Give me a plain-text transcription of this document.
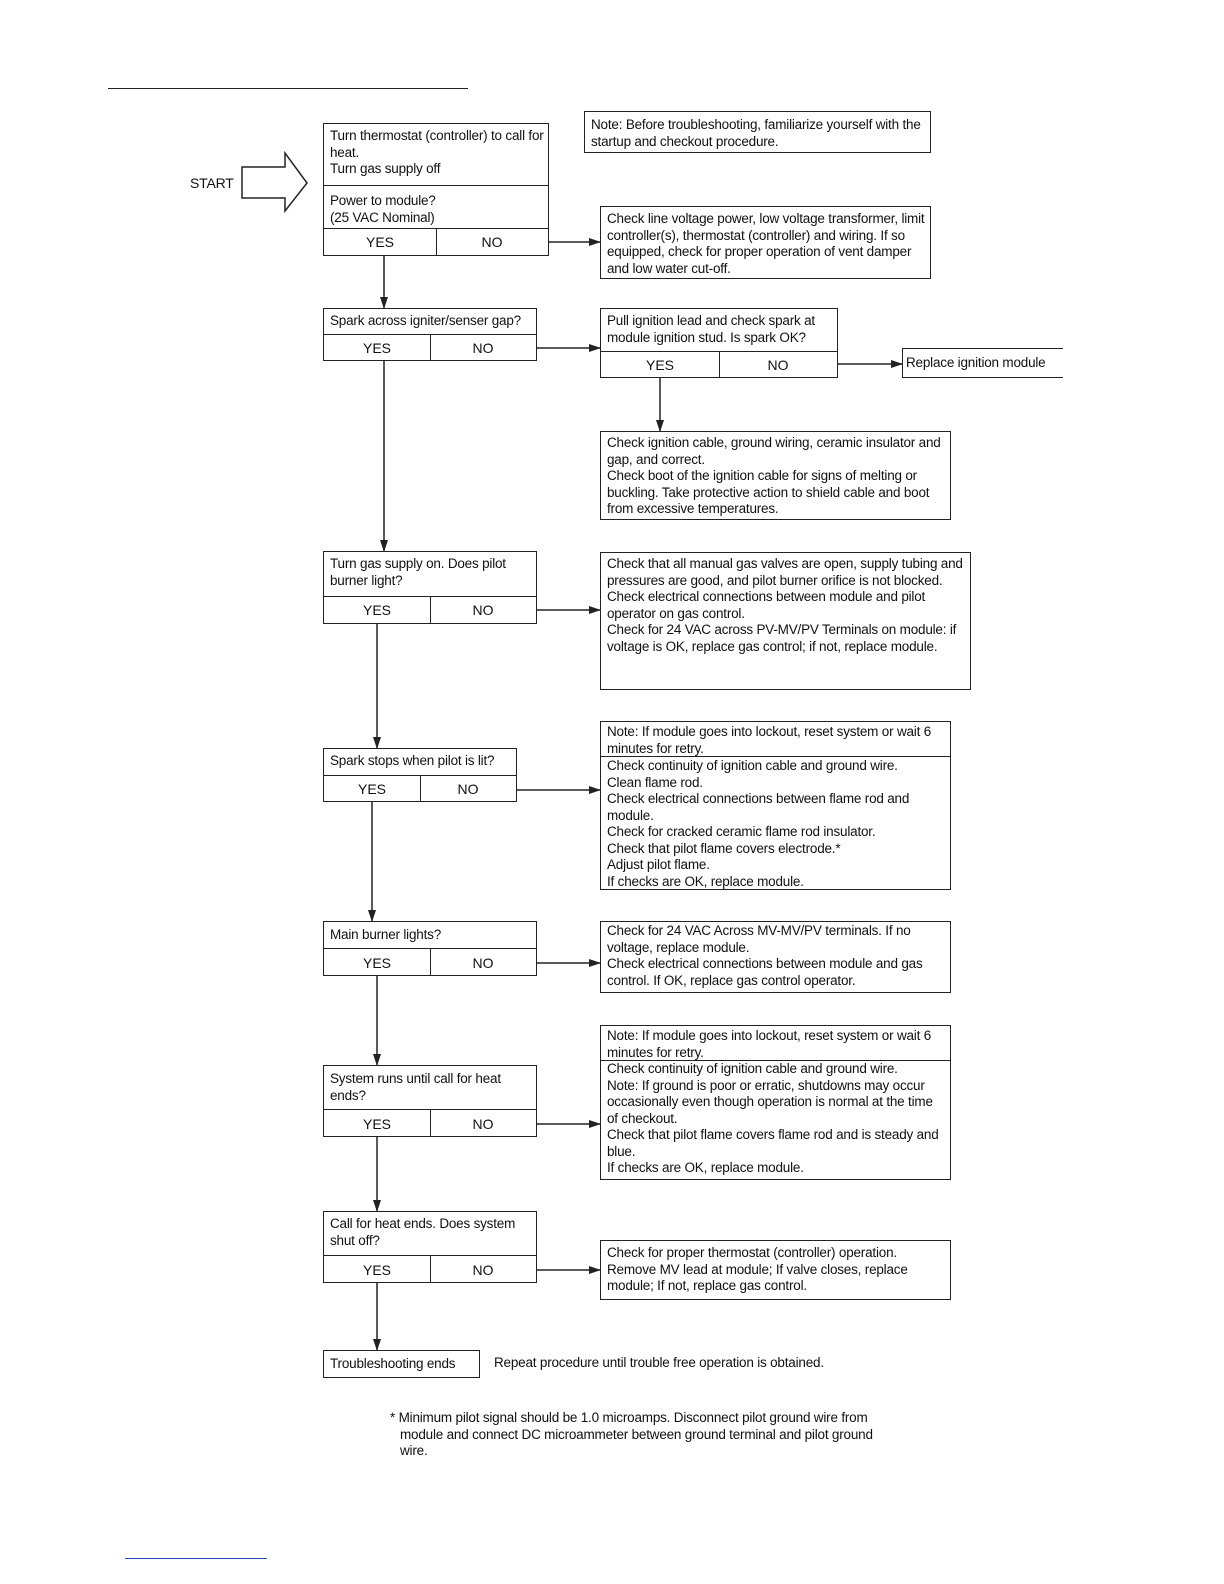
START
Note: Before troubleshooting, familiarize yourself with the startup and checkout procedure.
Turn thermostat (controller) to call for heat.
Turn gas supply off
Power to module?
(25 VAC Nominal)
YES	NO
Check line voltage power, low voltage transformer, limit controller(s), thermostat (controller) and wiring. If so equipped, check for proper operation of vent damper and low water cut-off.
Spark across igniter/senser gap?
YES	NO
Pull ignition lead and check spark at module ignition stud. Is spark OK?
YES	NO	Replace ignition module
Check ignition cable, ground wiring, ceramic insulator and gap, and correct.
Check boot of the ignition cable for signs of melting or buckling. Take protective action to shield cable and boot from excessive temperatures.
Turn gas supply on. Does pilot burner light?
YES	NO
Check that all manual gas valves are open, supply tubing and pressures are good, and pilot burner orifice is not blocked.
Check electrical connections between module and pilot operator on gas control.
Check for 24 VAC across PV-MV/PV Terminals on module: if voltage is OK, replace gas control; if not, replace module.
Spark stops when pilot is lit?
YES	NO
Note: If module goes into lockout, reset system or wait 6 minutes for retry.
Check continuity of ignition cable and ground wire.
Clean flame rod.
Check electrical connections between flame rod and module.
Check for cracked ceramic flame rod insulator.
Check that pilot flame covers electrode.*
Adjust pilot flame.
If checks are OK, replace module.
Main burner lights?
YES	NO
Check for 24 VAC Across MV-MV/PV terminals. If no voltage, replace module.
Check electrical connections between module and gas control. If OK, replace gas control operator.
System runs until call for heat ends?
YES	NO
Note: If module goes into lockout, reset system or wait 6 minutes for retry.
Check continuity of ignition cable and ground wire.
Note: If ground is poor or erratic, shutdowns may occur occasionally even though operation is normal at the time of checkout.
Check that pilot flame covers flame rod and is steady and blue.
If checks are OK, replace module.
Call for heat ends. Does system shut off?
YES	NO
Check for proper thermostat (controller) operation.
Remove MV lead at module; If valve closes, replace module; If not, replace gas control.
Troubleshooting ends	Repeat procedure until trouble free operation is obtained.
* Minimum pilot signal should be 1.0 microamps. Disconnect pilot ground wire from module and connect DC microammeter between ground terminal and pilot ground wire.
